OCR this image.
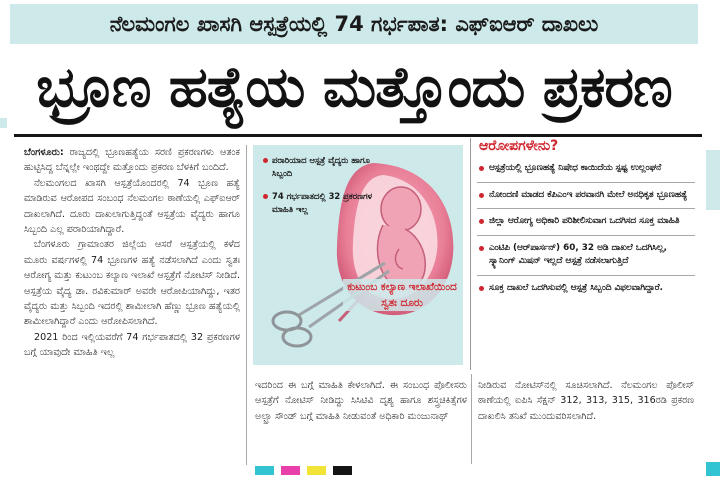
ನೆಲಮಂಗಲ ಖಾಸಗಿ ಆಸ್ಪತ್ರೆಯಲ್ಲಿ 74 ಗರ್ಭಪಾತ: ಎಫ್‌ಐಆರ್ ದಾಖಲು
ಭ್ರೂಣ ಹತ್ಯೆಯ ಮತ್ತೊಂದು ಪ್ರಕರಣ

ಬೆಂಗಳೂರು: ರಾಜ್ಯದಲ್ಲಿ ಭ್ರೂಣಹತ್ಯೆಯ ಸರಣಿ ಪ್ರಕರಣಗಳು ಆತಂಕ ಹುಟ್ಟಿಸಿದ್ದ ಬೆನ್ನಲ್ಲೇ ಇಂಥದ್ದೇ ಮತ್ತೊಂದು ಪ್ರಕರಣ ಬೆಳಕಿಗೆ ಬಂದಿದೆ.

ನೆಲಮಂಗಲದ ಖಾಸಗಿ ಆಸ್ಪತ್ರೆಯೊಂದರಲ್ಲಿ 74 ಭ್ರೂಣ ಹತ್ಯೆ ಮಾಡಿರುವ ಆರೋಪದ ಸಂಬಂಧ ನೆಲಮಂಗಲ ಠಾಣೆಯಲ್ಲಿ ಎಫ್‌ಐಆರ್ ದಾಖಲಾಗಿದೆ. ದೂರು ದಾಖಲಾಗುತ್ತಿದ್ದಂತೆ ಆಸ್ಪತ್ರೆಯ ವೈದ್ಯರು ಹಾಗೂ ಸಿಬ್ಬಂದಿ ಎಲ್ಲ ಪರಾರಿಯಾಗಿದ್ದಾರೆ.

ಬೆಂಗಳೂರು ಗ್ರಾಮಾಂತರ ಜಿಲ್ಲೆಯ ಆಸರೆ ಆಸ್ಪತ್ರೆಯಲ್ಲಿ ಕಳೆದ ಮೂರು ವರ್ಷಗಳಲ್ಲಿ 74 ಭ್ರೂಣಗಳ ಹತ್ಯೆ ನಡೆಸಲಾಗಿದೆ ಎಂದು ಸ್ವತಃ ಆರೋಗ್ಯ ಮತ್ತು ಕುಟುಂಬ ಕಲ್ಯಾಣ ಇಲಾಖೆ ಆಸ್ಪತ್ರೆಗೆ ನೋಟಿಸ್ ನೀಡಿದೆ. ಆಸ್ಪತ್ರೆಯ ವೈದ್ಯ ಡಾ. ರವಿಕುಮಾರ್ ಅವರೇ ಆರೋಪಿಯಾಗಿದ್ದು, ಇತರ ವೈದ್ಯರು ಮತ್ತು ಸಿಬ್ಬಂದಿ ಇದರಲ್ಲಿ ಶಾಮೀಲಾಗಿ ಹೆಣ್ಣು ಭ್ರೂಣ ಹತ್ಯೆಯಲ್ಲಿ ಶಾಮೀಲಾಗಿದ್ದಾರೆ ಎಂದು ಆರೋಪಿಸಲಾಗಿದೆ.

2021 ರಿಂದ ಇಲ್ಲಿಯವರೆಗೆ 74 ಗರ್ಭಪಾತದಲ್ಲಿ 32 ಪ್ರಕರಣಗಳ ಬಗ್ಗೆ ಯಾವುದೇ ಮಾಹಿತಿ ಇಲ್ಲ

ಪರಾರಿಯಾದ ಆಸ್ಪತ್ರೆ ವೈದ್ಯರು ಹಾಗೂ ಸಿಬ್ಬಂದಿ
74 ಗರ್ಭಪಾತದಲ್ಲಿ 32 ಪ್ರಕರಣಗಳ ಮಾಹಿತಿ ಇಲ್ಲ
ಕುಟುಂಬ ಕಲ್ಯಾಣ ಇಲಾಖೆಯಿಂದ ಸ್ವತಃ ದೂರು
ಆರೋಪಗಳೇನು?
ಆಸ್ಪತ್ರೆಯಲ್ಲಿ ಭ್ರೂಣಹತ್ಯೆ ನಿಷೇಧ ಕಾಯಿದೆಯ ಸ್ಪಷ್ಟ ಉಲ್ಲಂಘನೆ
ನೋಂದಣಿ ಮಾಡದ ಕೆಪಿಎಂಇ ಪರವಾನಗಿ ಮೇಲೆ ಅನಧಿಕೃತ ಭ್ರೂಣಹತ್ಯೆ
ಜಿಲ್ಲಾ ಆರೋಗ್ಯ ಅಧಿಕಾರಿ ಪರಿಶೀಲಿಸುವಾಗ ಒದಗಿಸದ ಸೂಕ್ತ ಮಾಹಿತಿ
ಎಂಟಿಪಿ (ಆರ್‌ಪಾರ್ಸನ್) 60, 32 ಅಡಿ ದಾಖಲೆ ಒದಗಿಸಿಲ್ಲ, ಸ್ಕ್ಯಾನಿಂಗ್ ಮಿಷನ್ ಇಲ್ಲದೆ ಆಸ್ಪತ್ರೆ ನಡೆಸಲಾಗುತ್ತಿದೆ
ಸೂಕ್ತ ದಾಖಲೆ ಒದಗಿಸುವಲ್ಲಿ ಆಸ್ಪತ್ರೆ ಸಿಬ್ಬಂದಿ ವಿಫಲವಾಗಿದ್ದಾರೆ.

ಇದರಿಂದ ಈ ಬಗ್ಗೆ ಮಾಹಿತಿ ಕೇಳಲಾಗಿದೆ. ಈ ಸಂಬಂಧ ಪೊಲೀಸರು ಆಸ್ಪತ್ರೆಗೆ ನೋಟಿಸ್ ನೀಡಿದ್ದು ಸಿಸಿಟಿವಿ ದೃಶ್ಯ ಹಾಗೂ ಶಸ್ತ್ರಚಿಕಿತ್ಸೆಗಳ ಅಲ್ಟ್ರಾ ಸೌಂಡ್ ಬಗ್ಗೆ ಮಾಹಿತಿ ನೀಡುವಂತೆ ಅಧಿಕಾರಿ ಮಂಜುನಾಥ್

ನೀಡಿರುವ ನೋಟಿಸ್‌ನಲ್ಲಿ ಸೂಚಿಸಲಾಗಿದೆ. ನೆಲಮಂಗಲ ಪೊಲೀಸ್ ಠಾಣೆಯಲ್ಲಿ ಐಪಿಸಿ ಸೆಕ್ಷನ್ 312, 313, 315, 316ರಡಿ ಪ್ರಕರಣ ದಾಖಲಿಸಿ ತನಿಖೆ ಮುಂದುವರಿಸಲಾಗಿದೆ.
